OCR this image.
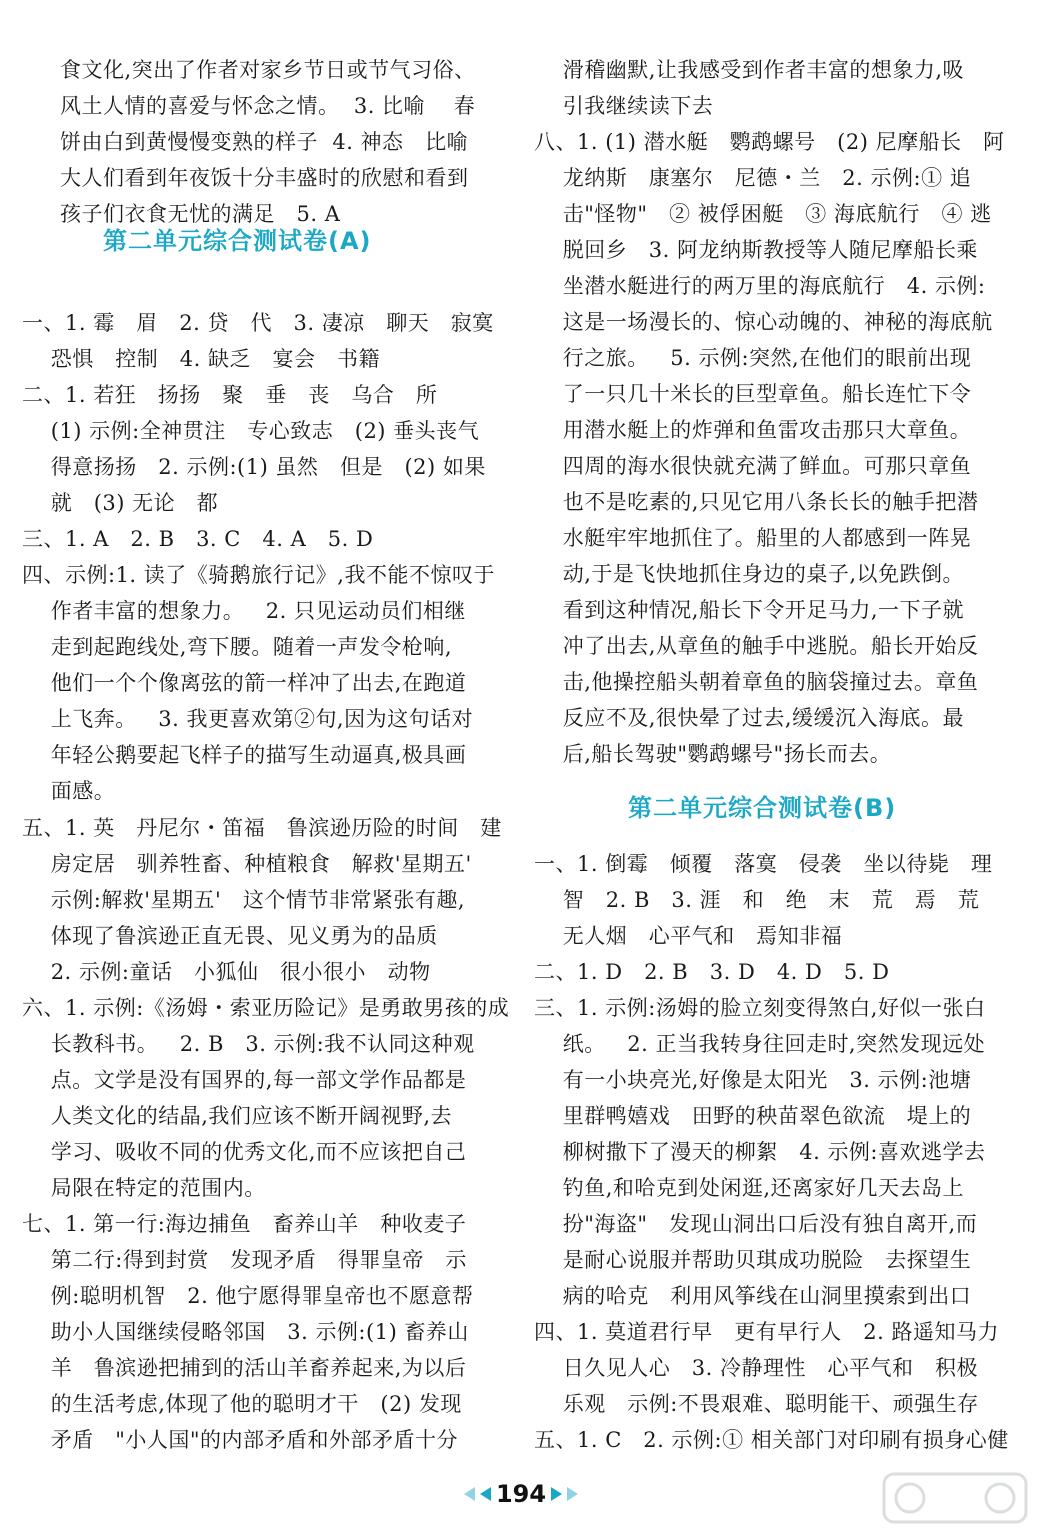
食文化,突出了作者对家乡节日或节气习俗、
风土人情的喜爱与怀念之情。  3. 比喻    春
饼由白到黄慢慢变熟的样子  4. 神态   比喻
大人们看到年夜饭十分丰盛时的欣慰和看到
孩子们衣食无忧的满足   5. A
第二单元综合测试卷(A)
一、1. 霉   眉   2. 贷   代   3. 凄凉   聊天   寂寞
恐惧   控制   4. 缺乏   宴会   书籍
二、1. 若狂   扬扬   聚   垂   丧   乌合   所
(1) 示例:全神贯注   专心致志   (2) 垂头丧气
得意扬扬   2. 示例:(1) 虽然   但是   (2) 如果
就   (3) 无论   都
三、1. A   2. B   3. C   4. A   5. D
四、示例:1. 读了《骑鹅旅行记》,我不能不惊叹于
作者丰富的想象力。   2. 只见运动员们相继
走到起跑线处,弯下腰。随着一声发令枪响,
他们一个个像离弦的箭一样冲了出去,在跑道
上飞奔。   3. 我更喜欢第②句,因为这句话对
年轻公鹅要起飞样子的描写生动逼真,极具画
面感。
五、1. 英   丹尼尔・笛福   鲁滨逊历险的时间   建
房定居   驯养牲畜、种植粮食   解救'星期五'
示例:解救'星期五'   这个情节非常紧张有趣,
体现了鲁滨逊正直无畏、见义勇为的品质
2. 示例:童话   小狐仙   很小很小   动物
六、1. 示例:《汤姆・索亚历险记》是勇敢男孩的成
长教科书。   2. B   3. 示例:我不认同这种观
点。文学是没有国界的,每一部文学作品都是
人类文化的结晶,我们应该不断开阔视野,去
学习、吸收不同的优秀文化,而不应该把自己
局限在特定的范围内。
七、1. 第一行:海边捕鱼   畜养山羊   种收麦子
第二行:得到封赏   发现矛盾   得罪皇帝   示
例:聪明机智   2. 他宁愿得罪皇帝也不愿意帮
助小人国继续侵略邻国   3. 示例:(1) 畜养山
羊   鲁滨逊把捕到的活山羊畜养起来,为以后
的生活考虑,体现了他的聪明才干   (2) 发现
矛盾   "小人国"的内部矛盾和外部矛盾十分
滑稽幽默,让我感受到作者丰富的想象力,吸
引我继续读下去
八、1. (1) 潜水艇   鹦鹉螺号   (2) 尼摩船长   阿
龙纳斯   康塞尔   尼德・兰   2. 示例:① 追
击"怪物"   ② 被俘困艇   ③ 海底航行   ④ 逃
脱回乡   3. 阿龙纳斯教授等人随尼摩船长乘
坐潜水艇进行的两万里的海底航行   4. 示例:
这是一场漫长的、惊心动魄的、神秘的海底航
行之旅。   5. 示例:突然,在他们的眼前出现
了一只几十米长的巨型章鱼。船长连忙下令
用潜水艇上的炸弹和鱼雷攻击那只大章鱼。
四周的海水很快就充满了鲜血。可那只章鱼
也不是吃素的,只见它用八条长长的触手把潜
水艇牢牢地抓住了。船里的人都感到一阵晃
动,于是飞快地抓住身边的桌子,以免跌倒。
看到这种情况,船长下令开足马力,一下子就
冲了出去,从章鱼的触手中逃脱。船长开始反
击,他操控船头朝着章鱼的脑袋撞过去。章鱼
反应不及,很快晕了过去,缓缓沉入海底。最
后,船长驾驶"鹦鹉螺号"扬长而去。
第二单元综合测试卷(B)
一、1. 倒霉   倾覆   落寞   侵袭   坐以待毙   理
智   2. B   3. 涯   和   绝   末   荒   焉   荒
无人烟   心平气和   焉知非福
二、1. D   2. B   3. D   4. D   5. D
三、1. 示例:汤姆的脸立刻变得煞白,好似一张白
纸。   2. 正当我转身往回走时,突然发现远处
有一小块亮光,好像是太阳光   3. 示例:池塘
里群鸭嬉戏   田野的秧苗翠色欲流   堤上的
柳树撒下了漫天的柳絮   4. 示例:喜欢逃学去
钓鱼,和哈克到处闲逛,还离家好几天去岛上
扮"海盗"   发现山洞出口后没有独自离开,而
是耐心说服并帮助贝琪成功脱险   去探望生
病的哈克   利用风筝线在山洞里摸索到出口
四、1. 莫道君行早   更有早行人   2. 路遥知马力
日久见人心   3. 冷静理性   心平气和   积极
乐观   示例:不畏艰难、聪明能干、顽强生存
五、1. C   2. 示例:① 相关部门对印刷有损身心健
194
